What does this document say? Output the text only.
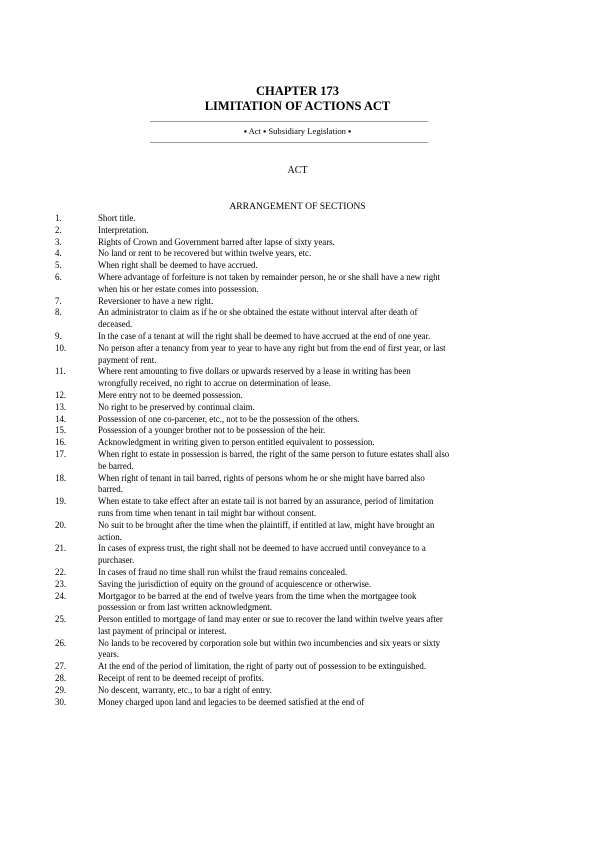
CHAPTER 173
LIMITATION OF ACTIONS ACT
▪ Act ▪ Subsidiary Legislation ▪
ACT
ARRANGEMENT OF SECTIONS
1.	Short title.
2.	Interpretation.
3.	Rights of Crown and Government barred after lapse of sixty years.
4.	No land or rent to be recovered but within twelve years, etc.
5.	When right shall be deemed to have accrued.
6.	Where advantage of forfeiture is not taken by remainder person, he or she shall have a new right when his or her estate comes into possession.
7.	Reversioner to have a new right.
8.	An administrator to claim as if he or she obtained the estate without interval after death of deceased.
9.	In the case of a tenant at will the right shall be deemed to have accrued at the end of one year.
10.	No person after a tenancy from year to year to have any right but from the end of first year, or last payment of rent.
11.	Where rent amounting to five dollars or upwards reserved by a lease in writing has been wrongfully received, no right to accrue on determination of lease.
12.	Mere entry not to be deemed possession.
13.	No right to be preserved by continual claim.
14.	Possession of one co-parcener, etc., not to be the possession of the others.
15.	Possession of a younger brother not to be possession of the heir.
16.	Acknowledgment in writing given to person entitled equivalent to possession.
17.	When right to estate in possession is barred, the right of the same person to future estates shall also be barred.
18.	When right of tenant in tail barred, rights of persons whom he or she might have barred also barred.
19.	When estate to take effect after an estate tail is not barred by an assurance, period of limitation runs from time when tenant in tail might bar without consent.
20.	No suit to be brought after the time when the plaintiff, if entitled at law, might have brought an action.
21.	In cases of express trust, the right shall not be deemed to have accrued until conveyance to a purchaser.
22.	In cases of fraud no time shall run whilst the fraud remains concealed.
23.	Saving the jurisdiction of equity on the ground of acquiescence or otherwise.
24.	Mortgagor to be barred at the end of twelve years from the time when the mortgagee took possession or from last written acknowledgment.
25.	Person entitled to mortgage of land may enter or sue to recover the land within twelve years after last payment of principal or interest.
26.	No lands to be recovered by corporation sole but within two incumbencies and six years or sixty years.
27.	At the end of the period of limitation, the right of party out of possession to be extinguished.
28.	Receipt of rent to be deemed receipt of profits.
29.	No descent, warranty, etc., to bar a right of entry.
30.	Money charged upon land and legacies to be deemed satisfied at the end of
